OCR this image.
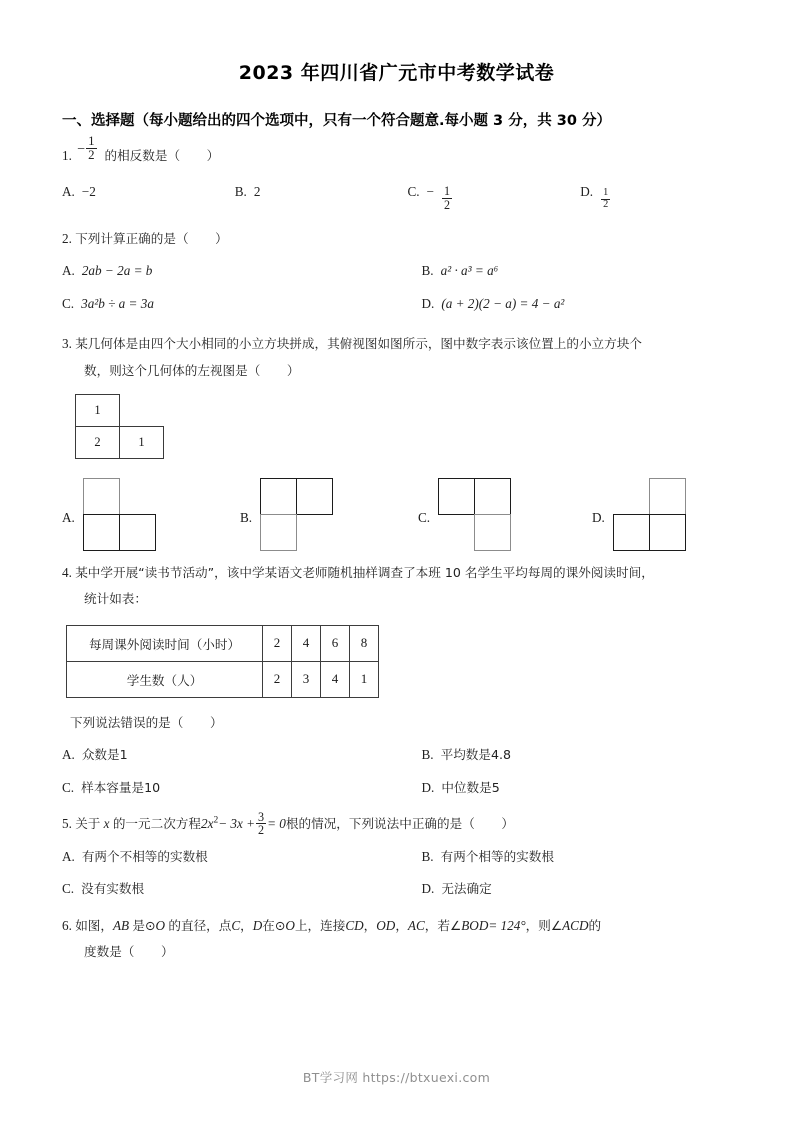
2023 年四川省广元市中考数学试卷
一、选择题（每小题给出的四个选项中，只有一个符合题意.每小题 3 分，共 30 分）
1. − $\frac{1}{2}$ 的相反数是（ ）
A. −2	B. 2	C. − $\frac{1}{2}$	D. $\frac{1}{2}$
2. 下列计算正确的是（ ）
A. 2ab − 2a = b	B. a² · a³ = a⁶
C. 3a²b ÷ a = 3a	D. (a + 2)(2 − a) = 4 − a²
3. 某几何体是由四个大小相同的小立方块拼成，其俯视图如图所示，图中数字表示该位置上的小立方块个
数，则这个几何体的左视图是（ ）
1
2	1
A.	B.	C.	D.
4. 某中学开展“读书节活动”，该中学某语文老师随机抽样调查了本班 10 名学生平均每周的课外阅读时间，
统计如表：
每周课外阅读时间（小时）	2	4	6	8
学生数（人）	2	3	4	1
下列说法错误的是（ ）
A. 众数是1	B. 平均数是4.8
C. 样本容量是10	D. 中位数是5
5. 关于 x 的一元二次方程$2x^2- 3x + \frac{3}{2} = 0$根的情况，下列说法中正确的是（ ）
A. 有两个不相等的实数根	B. 有两个相等的实数根
C. 没有实数根	D. 无法确定
6. 如图，AB 是⊙O 的直径，点C，D在⊙O上，连接CD，OD，AC，若∠BOD= 124°，则∠ACD的
度数是（ ）
BT学习网 https://btxuexi.com
